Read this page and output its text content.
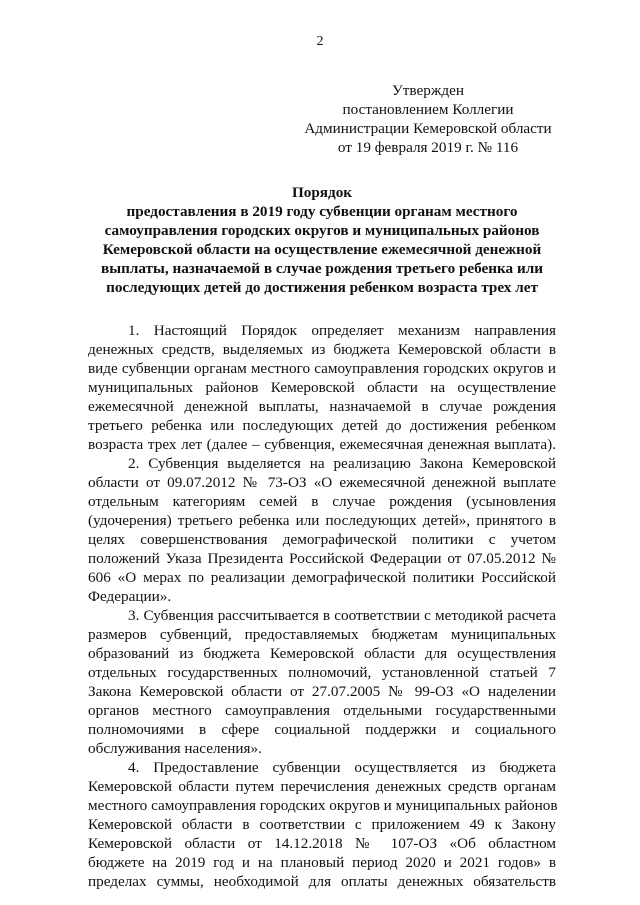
2
Утвержден
постановлением Коллегии
Администрации Кемеровской области
от 19 февраля 2019 г. № 116
Порядок
предоставления в 2019 году субвенции органам местного
самоуправления городских округов и муниципальных районов
Кемеровской области на осуществление ежемесячной денежной
выплаты, назначаемой в случае рождения третьего ребенка или
последующих детей до достижения ребенком возраста трех лет
1. Настоящий Порядок определяет механизм направления
денежных средств, выделяемых из бюджета Кемеровской области в
виде субвенции органам местного самоуправления городских округов и
муниципальных районов Кемеровской области на осуществление
ежемесячной денежной выплаты, назначаемой в случае рождения
третьего ребенка или последующих детей до достижения ребенком
возраста трех лет (далее – субвенция, ежемесячная денежная выплата).
2. Субвенция выделяется на реализацию Закона Кемеровской
области от 09.07.2012 № 73-ОЗ «О ежемесячной денежной выплате
отдельным категориям семей в случае рождения (усыновления
(удочерения) третьего ребенка или последующих детей», принятого в
целях совершенствования демографической политики с учетом
положений Указа Президента Российской Федерации от 07.05.2012 №
606 «О мерах по реализации демографической политики Российской
Федерации».
3. Субвенция рассчитывается в соответствии с методикой расчета
размеров субвенций, предоставляемых бюджетам муниципальных
образований из бюджета Кемеровской области для осуществления
отдельных государственных полномочий, установленной статьей 7
Закона Кемеровской области от 27.07.2005 № 99-ОЗ «О наделении
органов местного самоуправления отдельными государственными
полномочиями в сфере социальной поддержки и социального
обслуживания населения».
4. Предоставление субвенции осуществляется из бюджета
Кемеровской области путем перечисления денежных средств органам
местного самоуправления городских округов и муниципальных районов
Кемеровской области в соответствии с приложением 49 к Закону
Кемеровской области от 14.12.2018 № 107-ОЗ «Об областном
бюджете на 2019 год и на плановый период 2020 и 2021 годов» в
пределах суммы, необходимой для оплаты денежных обязательств
